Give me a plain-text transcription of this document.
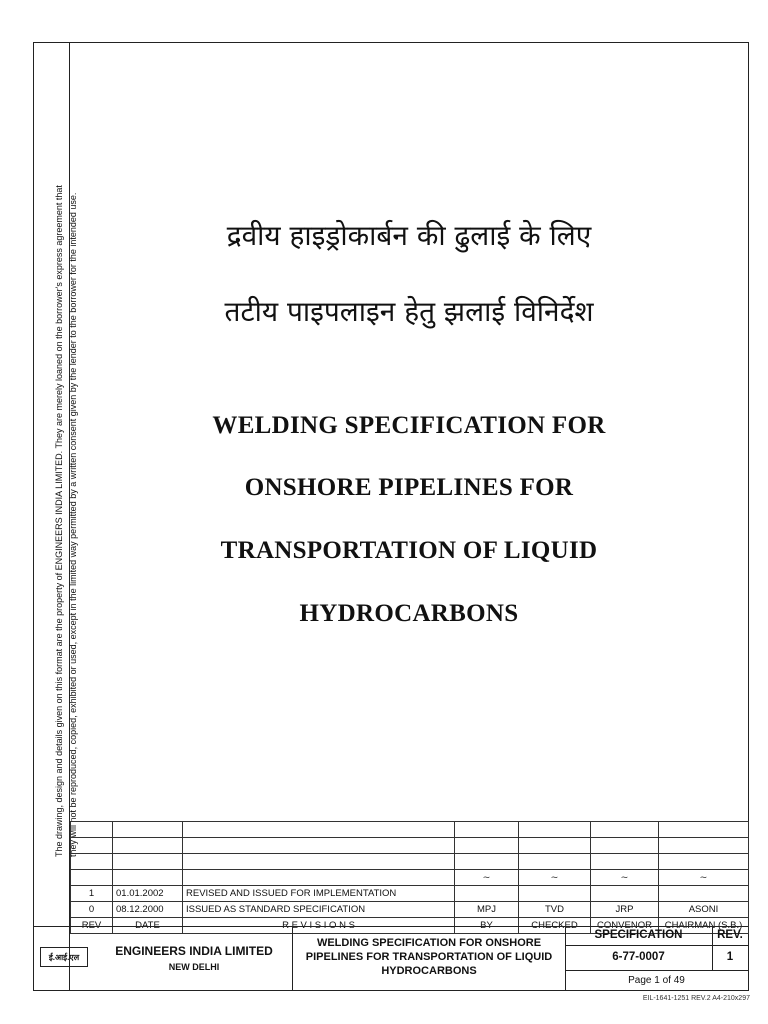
The drawing, design and details given on this format are the property of ENGINEERS INDIA LIMITED. They are merely loaned on the borrower's express agreement that they will not be reproduced, copied, exhibited or used, except in the limited way permitted by a written consent given by the lender to the borrower for the intended use.	द्रवीय हाइड्रोकार्बन की ढुलाई के लिए
तटीय पाइपलाइन हेतु झलाई विनिर्देश
WELDING SPECIFICATION FOR
ONSHORE PIPELINES FOR
TRANSPORTATION OF LIQUID
HYDROCARBONS

			~	~	~	~
1	01.01.2002	REVISED AND ISSUED FOR IMPLEMENTATION				
0	08.12.2000	ISSUED AS STANDARD SPECIFICATION	MPJ	TVD	JRP	ASONI
REV	DATE	R E V I S I O N S	BY	CHECKED	CONVENOR	CHAIRMAN (S.B.)
ई.आई.एल	ENGINEERS INDIA LIMITED
NEW DELHI
WELDING SPECIFICATION FOR ONSHORE PIPELINES FOR TRANSPORTATION OF LIQUID HYDROCARBONS
SPECIFICATION	REV.
6-77-0007	1
Page 1 of 49
EIL-1641-1251 REV.2 A4-210x297
